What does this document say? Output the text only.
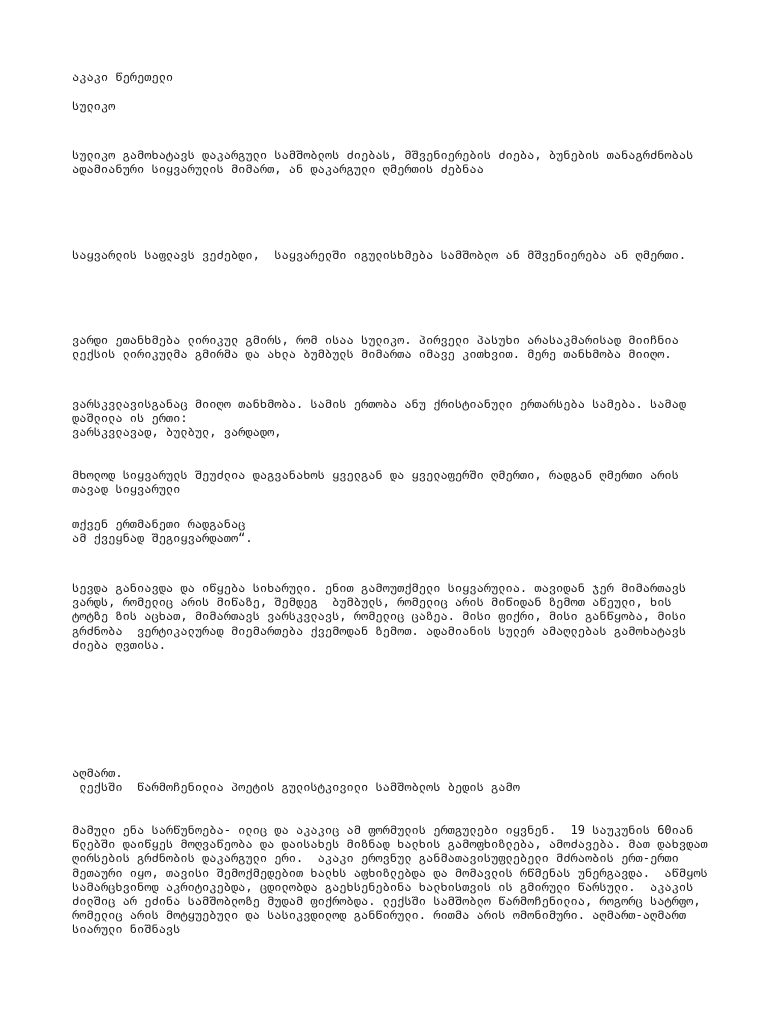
აკაკი წერეთელი

სულიკო

სულიკო გამოხატავს დაკარგული სამშობლოს ძიებას, მშვენიერების ძიება, ბუნების თანაგრძნობას ადამიანური სიყვარულის მიმართ, ან დაკარგული ღმერთის ძებნაა

საყვარლის საფლავს ვეძებდი,  საყვარელში იგულისხმება სამშობლო ან მშვენიერება ან ღმერთი.

ვარდი ეთანხმება ლირიკულ გმირს, რომ ისაა სულიკო. პირველი პასუხი არასაკმარისად მიიჩნია ლექსის ლირიკულმა გმირმა და ახლა ბუმბულს მიმართა იმავე კითხვით. მერე თანხმობა მიიღო.

ვარსკვლავისგანაც მიიღო თანხმობა. სამის ერთობა ანუ ქრისტიანული ერთარსება სამება. სამად დაშლილა ის ერთი:
ვარსკვლავად, ბულბულ, ვარდადო,

მხოლოდ სიყვარულს შეუძლია დაგვანახოს ყველგან და ყველაფერში ღმერთი, რადგან ღმერთი არის თავად სიყვარული

თქვენ ერთმანეთი რადგანაც
ამ ქვეყნად შეგიყვარდათო“.

სევდა განიავდა და იწყება სიხარული. ენით გამოუთქმელი სიყვარულია. თავიდან ჯერ მიმართავს ვარდს, რომელიც არის მიწაზე, შემდეგ  ბუმბულს, რომელიც არის მიწიდან ზემოთ აწეული, ხის ტოტზე ზის აცხათ, მიმართავს ვარსკვლავს, რომელიც ცაზეა. მისი ფიქრი, მისი განწყობა, მისი გრძნობა  ვერტიკალურად მიემართება ქვემოდან ზემოთ. ადამიანის სულერ ამაღლებას გამოხატავს ძიება ღვთისა.

აღმართ.
ლექსში  წარმოჩენილია პოეტის გულისტკივილი სამშობლოს ბედის გამო

მამული ენა სარწუნოება- ილიც და აკაკიც ამ ფორმულის ერთგულები იყვნენ.  19 საუკუნის 60იან წლებში დაიწყეს მოღვაწეობა და დაისახეს მიზნად ხალხის გამოფხიზლება, ამოძავება. მათ დახვდათ ღირსების გრძნობის დაკარგული ერი.  აკაკი ეროვნულ განმათავისუფლებელი მძრაობის ერთ-ერთი მეთაური იყო, თავისი შემოქმედებით ხალხს აფხიზლებდა და მომავლის რწმენას უნერგავდა.  აწმყოს სამარცხვინოდ აკრიტიკებდა, ცდილობდა გაეხსენებინა ხალხისთვის ის გმირული წარსული.  აკაკის ძილშიც არ ეძინა სამშობლოზე მუდამ ფიქრობდა. ლექსში სამშობლო წარმოჩენილია, როგორც სატრფო, რომელიც არის მოტყუებული და სასიკვდილოდ განწირული. რითმა არის ომონიმური. აღმართ-აღმართ სიარული ნიშნავს
